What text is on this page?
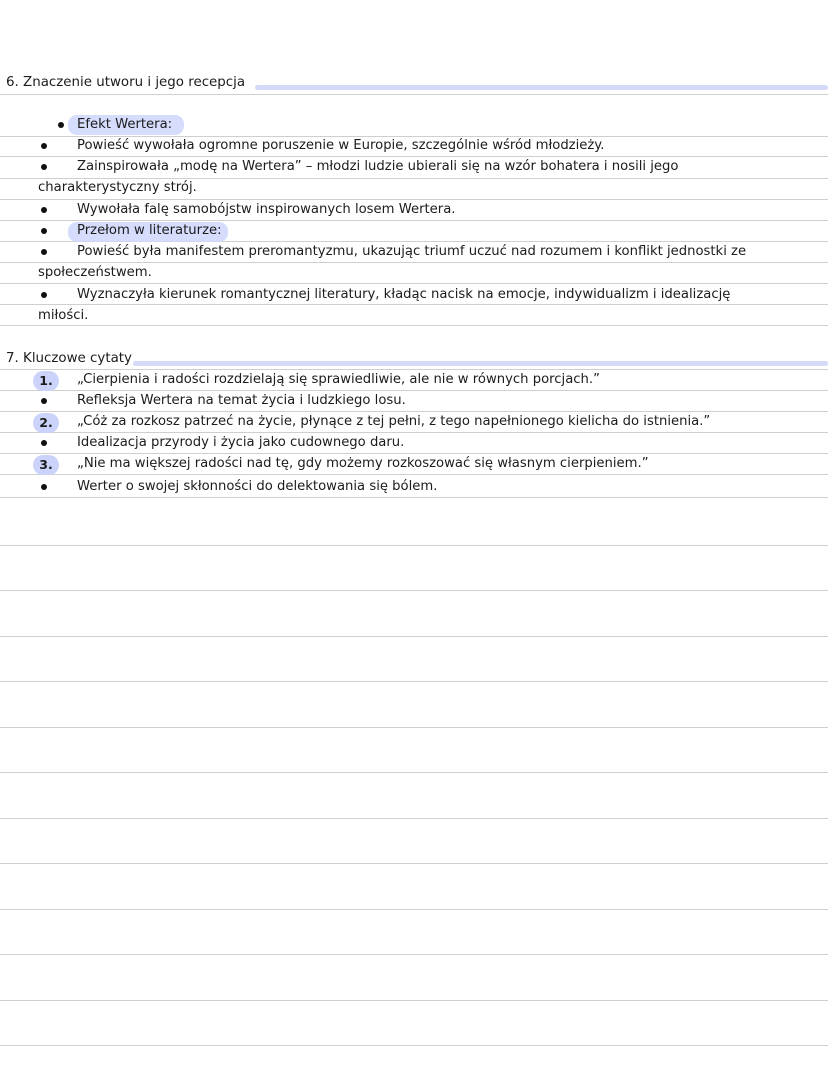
6. Znaczenie utworu i jego recepcja
Efekt Wertera:
Powieść wywołała ogromne poruszenie w Europie, szczególnie wśród młodzieży.
Zainspirowała „modę na Wertera” – młodzi ludzie ubierali się na wzór bohatera i nosili jego
charakterystyczny strój.
Wywołała falę samobójstw inspirowanych losem Wertera.
Przełom w literaturze:
Powieść była manifestem preromantyzmu, ukazując triumf uczuć nad rozumem i konflikt jednostki ze
społeczeństwem.
Wyznaczyła kierunek romantycznej literatury, kładąc nacisk na emocje, indywidualizm i idealizację
miłości.
7. Kluczowe cytaty
1.	„Cierpienia i radości rozdzielają się sprawiedliwie, ale nie w równych porcjach.”
Refleksja Wertera na temat życia i ludzkiego losu.
2.	„Cóż za rozkosz patrzeć na życie, płynące z tej pełni, z tego napełnionego kielicha do istnienia.”
Idealizacja przyrody i życia jako cudownego daru.
3.	„Nie ma większej radości nad tę, gdy możemy rozkoszować się własnym cierpieniem.”
Werter o swojej skłonności do delektowania się bólem.
